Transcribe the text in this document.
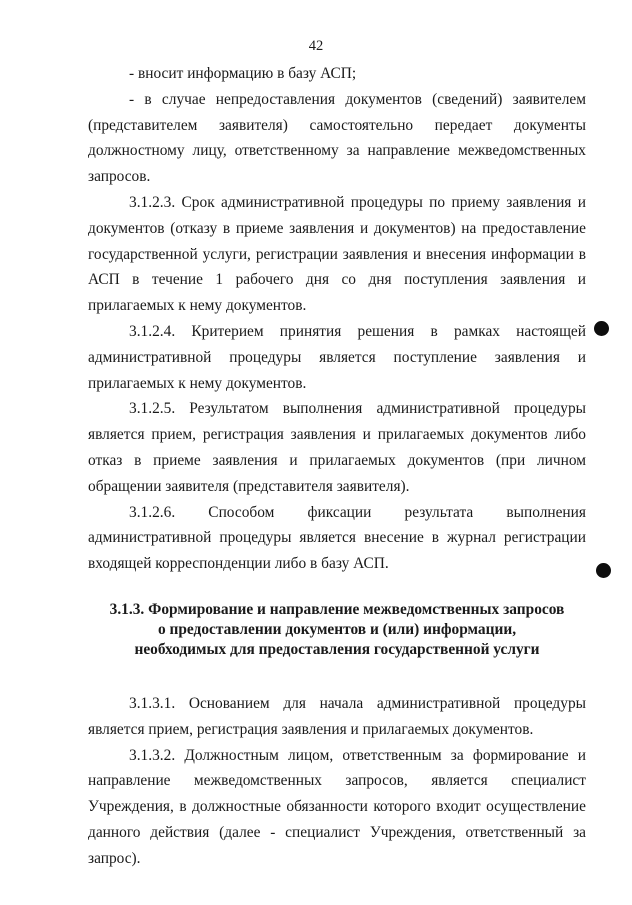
42

- вносит информацию в базу АСП;

- в случае непредоставления документов (сведений) заявителем (представителем заявителя) самостоятельно передает документы должностному лицу, ответственному за направление межведомственных запросов.

3.1.2.3. Срок административной процедуры по приему заявления и документов (отказу в приеме заявления и документов) на предоставление государственной услуги, регистрации заявления и внесения информации в АСП в течение 1 рабочего дня со дня поступления заявления и прилагаемых к нему документов.

3.1.2.4. Критерием принятия решения в рамках настоящей административной процедуры является поступление заявления и прилагаемых к нему документов.

3.1.2.5. Результатом выполнения административной процедуры является прием, регистрация заявления и прилагаемых документов либо отказ в приеме заявления и прилагаемых документов (при личном обращении заявителя (представителя заявителя).

3.1.2.6. Способом фиксации результата выполнения административной процедуры является внесение в журнал регистрации входящей корреспонденции либо в базу АСП.

3.1.3. Формирование и направление межведомственных запросов
о предоставлении документов и (или) информации,
необходимых для предоставления государственной услуги

3.1.3.1. Основанием для начала административной процедуры является прием, регистрация заявления и прилагаемых документов.

3.1.3.2. Должностным лицом, ответственным за формирование и направление межведомственных запросов, является специалист Учреждения, в должностные обязанности которого входит осуществление данного действия (далее - специалист Учреждения, ответственный за запрос).
